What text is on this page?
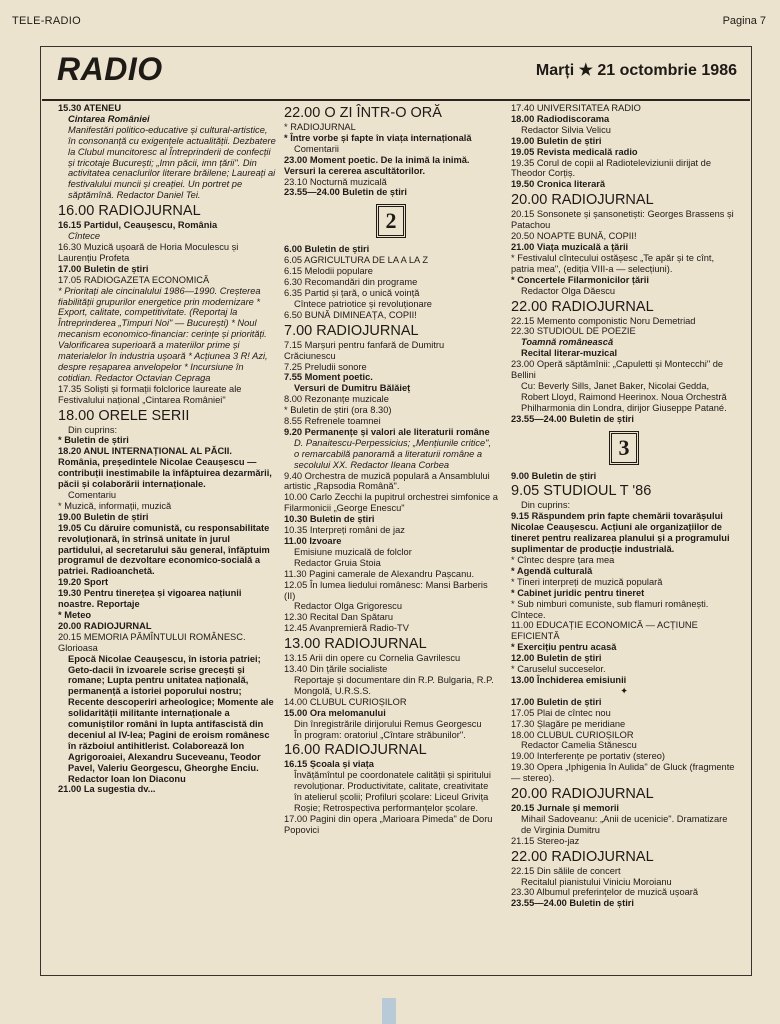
TELE-RADIO	Pagina 7
RADIO	Marți ★ 21 octombrie 1986
15.30 ATENEU
Cintarea României
Manifestări politico-educative și cultural-artistice, în consonanță cu exigențele actualității. Dezbatere la Clubul muncitoresc al Întreprinderii de confecții și tricotaje București; „Imn păcii, imn țării". Din activitatea cenaclurilor literare brăilene; Laureați ai festivalului muncii și creației. Un portret pe săptămînă. Redactor Daniel Tei.
16.00 RADIOJURNAL
16.15 Partidul, Ceaușescu, România
Cîntece
16.30 Muzică ușoară de Horia Moculescu și Laurențiu Profeta
17.00 Buletin de știri
17.05 RADIOGAZETA ECONOMICĂ
* Prioritați ale cincinalului 1986—1990. Creșterea fiabilității grupurilor energetice prin modernizare * Export, calitate, competitivitate. (Reportaj la Întreprinderea „Timpuri Noi" — București) * Noul mecanism economico-financiar: cerințe și priorități. Valorificarea superioară a materiilor prime și materialelor în industria ușoară * Acțiunea 3 R! Azi, despre reșaparea anvelopelor * Incursiune în cotidian. Redactor Octavian Cepraga
17.35 Soliști și formații folclorice laureate ale Festivalului național „Cintarea României"
18.00 ORELE SERII
Din cuprins:
* Buletin de știri
18.20 ANUL INTERNAȚIONAL AL PĂCII. România, președintele Nicolae Ceaușescu — contribuții inestimabile la înfăptuirea dezarmării, păcii și colaborării internaționale.
Comentariu
* Muzică, informații, muzică
19.00 Buletin de știri
19.05 Cu dăruire comunistă, cu responsabilitate revoluționară, în strînsă unitate în jurul partidului, al secretarului său general, înfăptuim programul de dezvoltare economico-socială a patriei. Radioanchetă.
19.20 Sport
19.30 Pentru tinerețea și vigoarea națiunii noastre. Reportaje
* Meteo
20.00 RADIOJURNAL
20.15 MEMORIA PĂMÎNTULUI ROMÂNESC. Glorioasa
Epocă Nicolae Ceaușescu, în istoria patriei; Geto-dacii în izvoarele scrise grecești și romane; Lupta pentru unitatea națională, permanență a istoriei poporului nostru; Recente descoperiri arheologice; Momente ale solidarității militante internaționale a comuniștilor români în lupta antifascistă din deceniul al IV-lea; Pagini de eroism românesc în războiul antihitlerist. Colaborează Ion Agrigoroaiei, Alexandru Suceveanu, Teodor Pavel, Valeriu Georgescu, Gheorghe Enciu. Redactor Ioan Ion Diaconu
21.00 La sugestia dv...
22.00 O ZI ÎNTR-O ORĂ
* RADIOJURNAL
* Între vorbe și fapte în viața internațională
Comentarii
23.00 Moment poetic. De la inimă la inimă. Versuri la cererea ascultătorilor.
23.10 Nocturnă muzicală
23.55—24.00 Buletin de știri
2
6.00 Buletin de știri
6.05 AGRICULTURA DE LA A LA Z
6.15 Melodii populare
6.30 Recomandări din programe
6.35 Partid și țară, o unică voință
Cîntece patriotice și revoluționare
6.50 BUNĂ DIMINEAȚA, COPII!
7.00 RADIOJURNAL
7.15 Marșuri pentru fanfară de Dumitru Crăciunescu
7.25 Preludii sonore
7.55 Moment poetic.
Versuri de Dumitru Bălăieț
8.00 Rezonanțe muzicale
* Buletin de știri (ora 8.30)
8.55 Refrenele toamnei
9.20 Permanențe și valori ale literaturii române
D. Panaitescu-Perpessicius; „Mențiunile critice", o remarcabilă panoramă a literaturii române a secolului XX. Redactor Ileana Corbea
9.40 Orchestra de muzică populară a Ansamblului artistic „Rapsodia Română".
10.00 Carlo Zecchi la pupitrul orchestrei simfonice a Filarmonicii „George Enescu"
10.30 Buletin de știri
10.35 Interpreți români de jaz
11.00 Izvoare
Emisiune muzicală de folclor
Redactor Gruia Stoia
11.30 Pagini camerale de Alexandru Pașcanu.
12.05 În lumea liedului românesc: Mansi Barberis (II)
Redactor Olga Grigorescu
12.30 Recital Dan Spătaru
12.45 Avanpremieră Radio-TV
13.00 RADIOJURNAL
13.15 Arii din opere cu Cornelia Gavrilescu
13.40 Din țările socialiste
Reportaje și documentare din R.P. Bulgaria, R.P. Mongolă, U.R.S.S.
14.00 CLUBUL CURIOȘILOR
15.00 Ora melomanului
Din înregistrările dirijorului Remus Georgescu
În program: oratoriul „Cîntare străbunilor".
16.00 RADIOJURNAL
16.15 Școala și viața
Învățămîntul pe coordonatele calității și spiritului revoluționar. Productivitate, calitate, creativitate în atelierul școlii; Profiluri școlare: Liceul Grivița Roșie; Retrospectiva performanțelor școlare.
17.00 Pagini din opera „Marioara Pimeda" de Doru Popovici
17.40 UNIVERSITATEA RADIO
18.00 Radiodiscorama
Redactor Silvia Velicu
19.00 Buletin de știri
19.05 Revista medicală radio
19.35 Corul de copii al Radioteleviziunii dirijat de Theodor Corțiș.
19.50 Cronica literară
20.00 RADIOJURNAL
20.15 Sonsonete și șansonetiști: Georges Brassens și Patachou
20.50 NOAPTE BUNĂ, COPII!
21.00 Viața muzicală a țării
* Festivalul cîntecului ostășesc „Te apăr și te cînt, patria mea", (ediția VIII-a — selecțiuni).
* Concertele Filarmonicilor țării
Redactor Olga Dăescu
22.00 RADIOJURNAL
22.15 Memento componistic Noru Demetriad
22.30 STUDIOUL DE POEZIE
Toamnă românească
Recital literar-muzical
23.00 Operă săptămînii: „Capuletti și Montecchi" de Bellini
Cu: Beverly Sills, Janet Baker, Nicolai Gedda, Robert Lloyd, Raimond Heerinox. Noua Orchestră Philharmonia din Londra, dirijor Giuseppe Patané.
23.55—24.00 Buletin de știri
3
9.00 Buletin de știri
9.05 STUDIOUL T '86
Din cuprins:
9.15 Răspundem prin fapte chemării tovarășului Nicolae Ceaușescu. Acțiuni ale organizațiilor de tineret pentru realizarea planului și a programului suplimentar de producție industrială.
* Cîntec despre țara mea
* Agendă culturală
* Tineri interpreți de muzică populară
* Cabinet juridic pentru tineret
* Sub nimburi comuniste, sub flamuri românești. Cîntece.
11.00 EDUCAȚIE ECONOMICĂ — ACȚIUNE EFICIENTĂ
* Exercițiu pentru acasă
12.00 Buletin de știri
* Caruselul succeselor.
13.00 Închiderea emisiunii
✦
17.00 Buletin de știri
17.05 Plai de cîntec nou
17.30 Șlagăre pe meridiane
18.00 CLUBUL CURIOȘILOR
Redactor Camelia Stănescu
19.00 Interferențe pe portativ (stereo)
19.30 Opera „Iphigenia în Aulida" de Gluck (fragmente — stereo).
20.00 RADIOJURNAL
20.15 Jurnale și memorii
Mihail Sadoveanu: „Anii de ucenicie". Dramatizare de Virginia Dumitru
21.15 Stereo-jaz
22.00 RADIOJURNAL
22.15 Din sălile de concert
Recitalul pianistului Viniciu Moroianu
23.30 Albumul preferințelor de muzică ușoară
23.55—24.00 Buletin de știri
